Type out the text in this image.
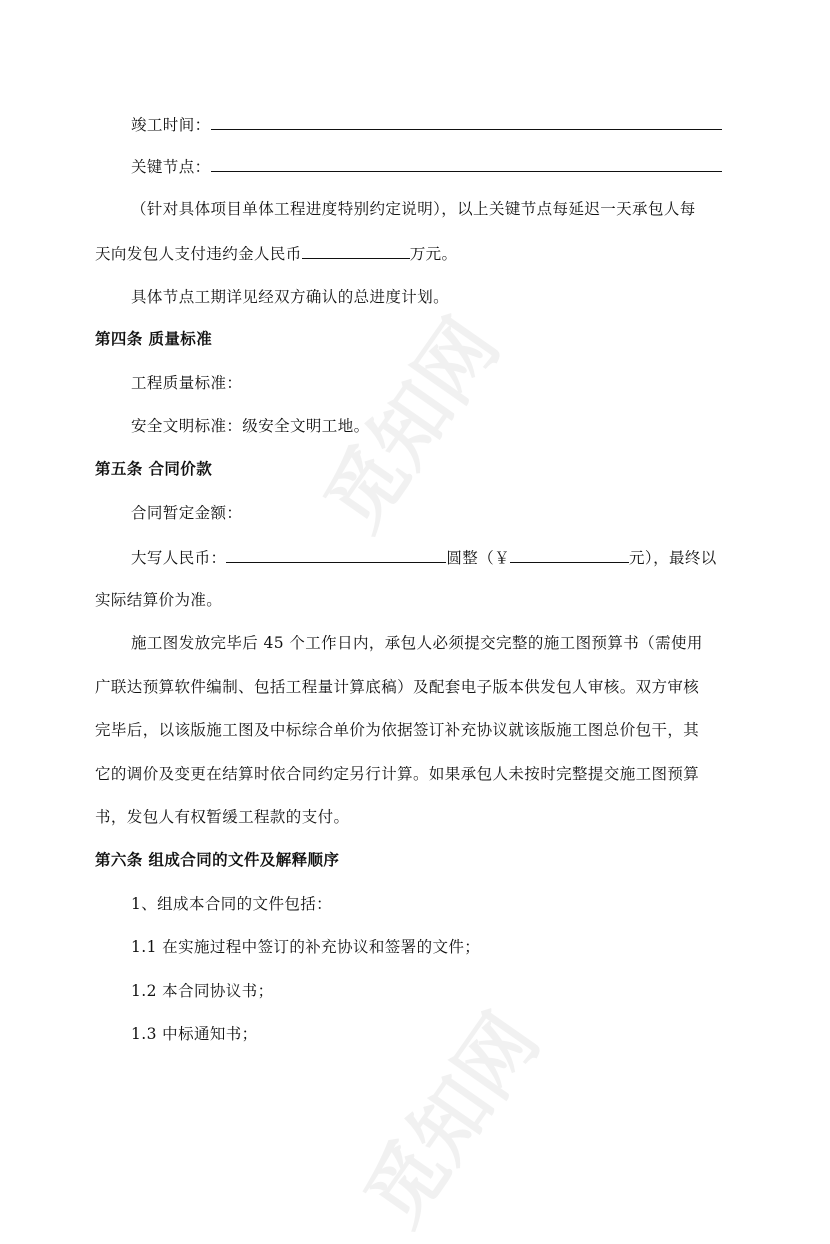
觅知网
觅知网
竣工时间：
关键节点：
（针对具体项目单体工程进度特别约定说明），以上关键节点每延迟一天承包人每
天向发包人支付违约金人民币	万元。
具体节点工期详见经双方确认的总进度计划。
第四条 质量标准
工程质量标准：
安全文明标准：级安全文明工地。
第五条 合同价款
合同暂定金额：
大写人民币：	圆整（￥	元），最终以
实际结算价为准。
施工图发放完毕后 45 个工作日内，承包人必须提交完整的施工图预算书（需使用
广联达预算软件编制、包括工程量计算底稿）及配套电子版本供发包人审核。双方审核
完毕后，以该版施工图及中标综合单价为依据签订补充协议就该版施工图总价包干，其
它的调价及变更在结算时依合同约定另行计算。如果承包人未按时完整提交施工图预算
书，发包人有权暂缓工程款的支付。
第六条 组成合同的文件及解释顺序
1、组成本合同的文件包括：
1.1 在实施过程中签订的补充协议和签署的文件；
1.2 本合同协议书；
1.3 中标通知书；
